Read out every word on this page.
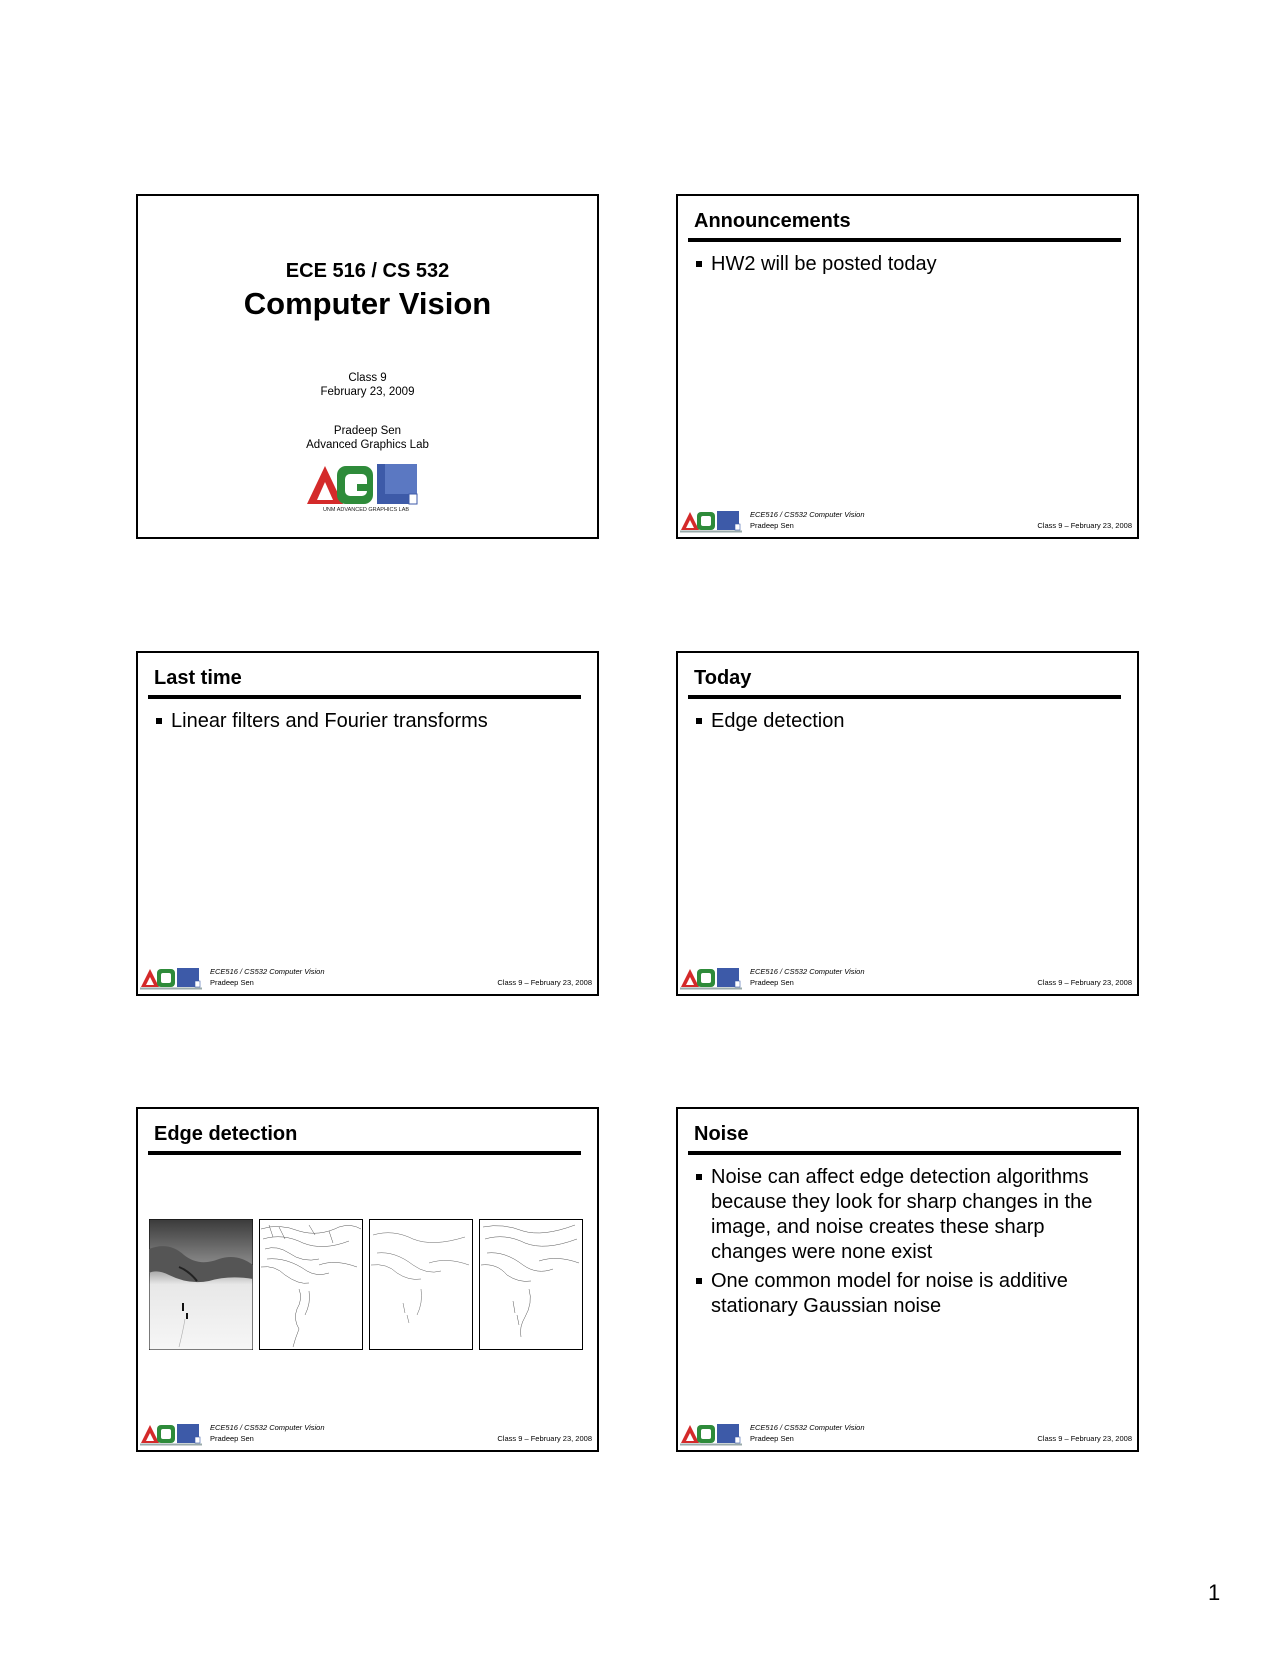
ECE 516 / CS 532
Computer Vision
Class 9
February 23, 2009
Pradeep Sen
Advanced Graphics Lab
UNM ADVANCED GRAPHICS LAB
Announcements
HW2 will be posted today
ECE516 / CS532 Computer Vision
Pradeep Sen	Class 9 – February 23, 2008
Last time
Linear filters and Fourier transforms
ECE516 / CS532 Computer Vision
Pradeep Sen	Class 9 – February 23, 2008
Today
Edge detection
ECE516 / CS532 Computer Vision
Pradeep Sen	Class 9 – February 23, 2008
Edge detection
ECE516 / CS532 Computer Vision
Pradeep Sen	Class 9 – February 23, 2008
Noise
Noise can affect edge detection algorithms because they look for sharp changes in the image, and noise creates these sharp changes were none exist
One common model for noise is additive stationary Gaussian noise
ECE516 / CS532 Computer Vision
Pradeep Sen	Class 9 – February 23, 2008
1
